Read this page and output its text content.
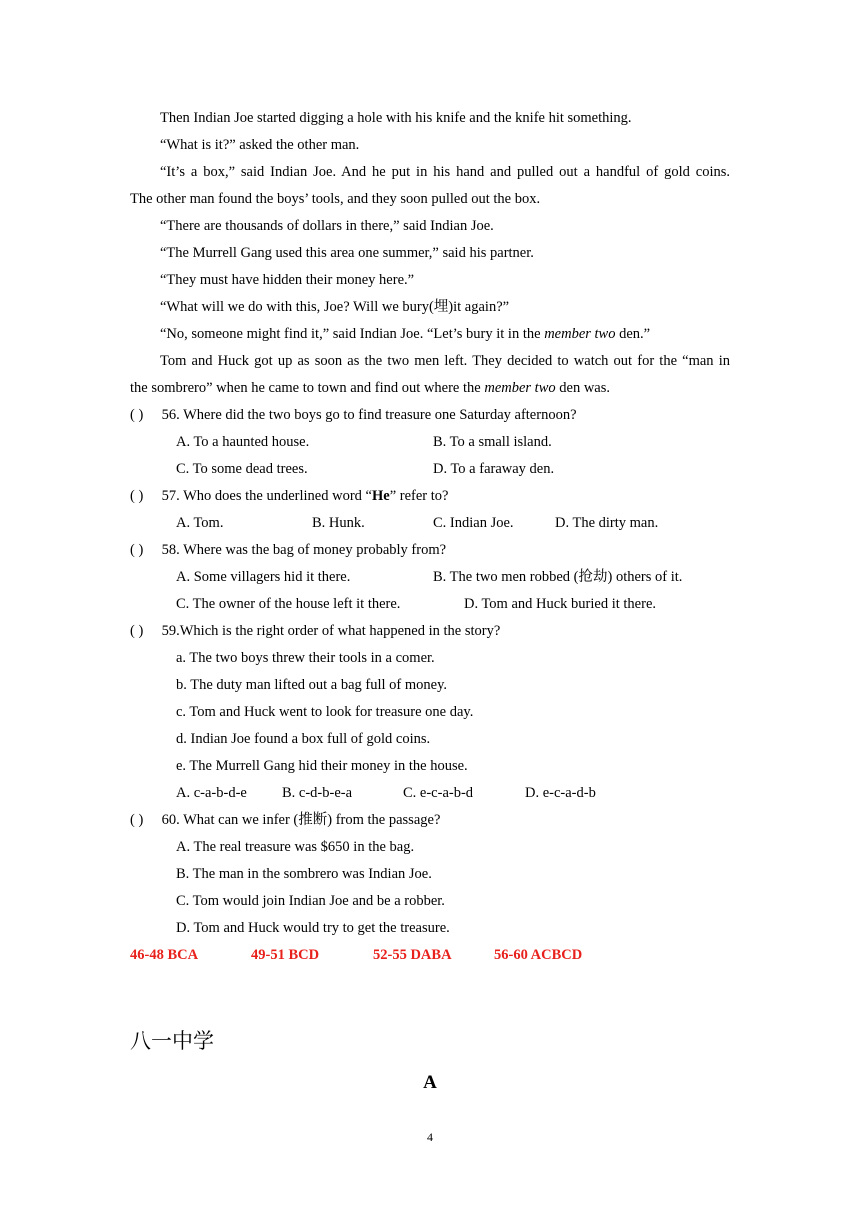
Then Indian Joe started digging a hole with his knife and the knife hit something.
“What is it?” asked the other man.
“It’s a box,” said Indian Joe. And he put in his hand and pulled out a handful of gold coins.
The other man found the boys’ tools, and they soon pulled out the box.
“There are thousands of dollars in there,” said Indian Joe.
“The Murrell Gang used this area one summer,” said his partner.
“They must have hidden their money here.”
“What will we do with this, Joe? Will we bury(埋)it again?”
“No, someone might find it,” said Indian Joe. “Let’s bury it in the member two den.”
Tom and Huck got up as soon as the two men left. They decided to watch out for the “man in
the sombrero” when he came to town and find out where the member two den was.
( ) 56. Where did the two boys go to find treasure one Saturday afternoon?
A. To a haunted house.	B. To a small island.
C. To some dead trees.	D. To a faraway den.
( ) 57. Who does the underlined word “He” refer to?
A. Tom.	B. Hunk.	C. Indian Joe.	D. The dirty man.
( ) 58. Where was the bag of money probably from?
A. Some villagers hid it there.	B. The two men robbed (抢劫) others of it.
C. The owner of the house left it there.	D. Tom and Huck buried it there.
( ) 59.Which is the right order of what happened in the story?
a. The two boys threw their tools in a comer.
b. The duty man lifted out a bag full of money.
c. Tom and Huck went to look for treasure one day.
d. Indian Joe found a box full of gold coins.
e. The Murrell Gang hid their money in the house.
A. c-a-b-d-e B. c-d-b-e-a	C. e-c-a-b-d	D. e-c-a-d-b
( ) 60. What can we infer (推断) from the passage?
A. The real treasure was $650 in the bag.
B. The man in the sombrero was Indian Joe.
C. Tom would join Indian Joe and be a robber.
D. Tom and Huck would try to get the treasure.
46-48 BCA	49-51 BCD	52-55 DABA	56-60 ACBCD
八一中学
A
4
